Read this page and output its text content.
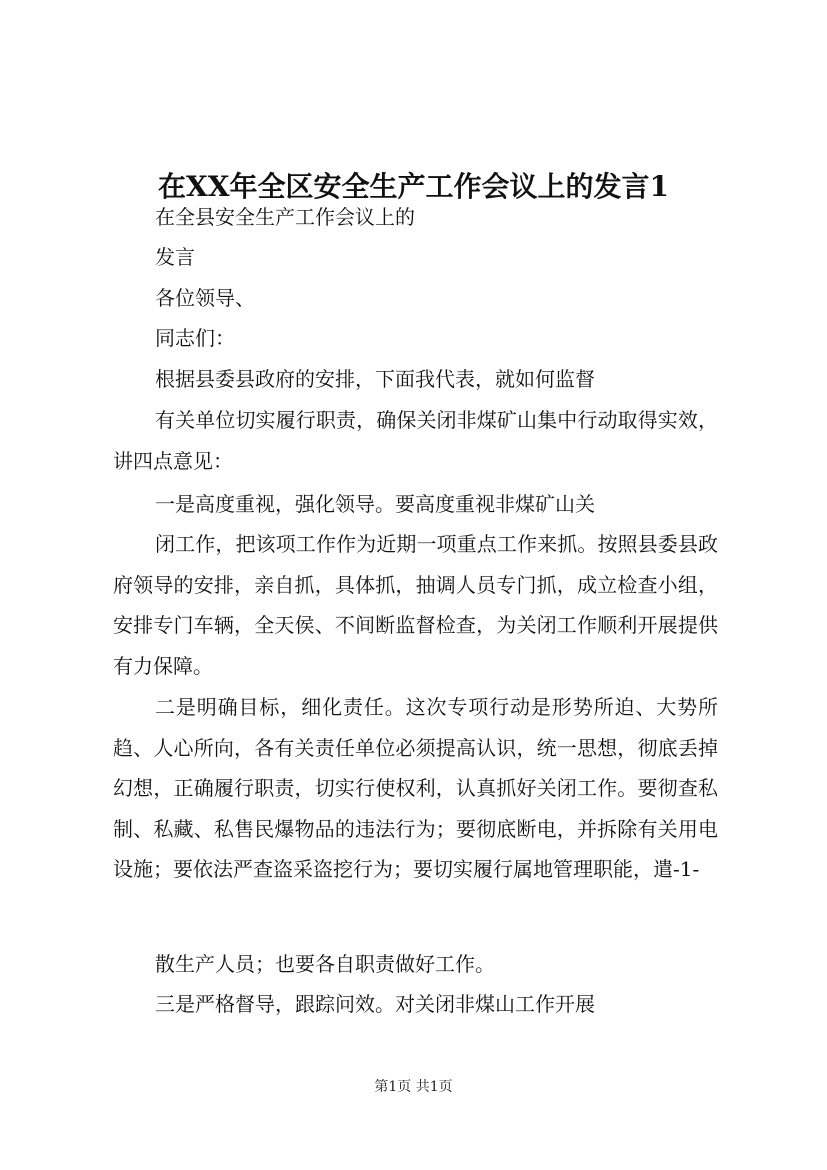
在XX年全区安全生产工作会议上的发言1

在全县安全生产工作会议上的

发言

各位领导、

同志们：

根据县委县政府的安排，下面我代表，就如何监督

有关单位切实履行职责，确保关闭非煤矿山集中行动取得实效，讲四点意见：

一是高度重视，强化领导。要高度重视非煤矿山关

闭工作，把该项工作作为近期一项重点工作来抓。按照县委县政府领导的安排，亲自抓，具体抓，抽调人员专门抓，成立检查小组，安排专门车辆，全天侯、不间断监督检查，为关闭工作顺利开展提供有力保障。

二是明确目标，细化责任。这次专项行动是形势所迫、大势所趋、人心所向，各有关责任单位必须提高认识，统一思想，彻底丢掉幻想，正确履行职责，切实行使权利，认真抓好关闭工作。要彻查私制、私藏、私售民爆物品的违法行为；要彻底断电，并拆除有关用电设施；要依法严查盗采盗挖行为；要切实履行属地管理职能，遣-1-

散生产人员；也要各自职责做好工作。

三是严格督导，跟踪问效。对关闭非煤山工作开展

第1页 共1页
